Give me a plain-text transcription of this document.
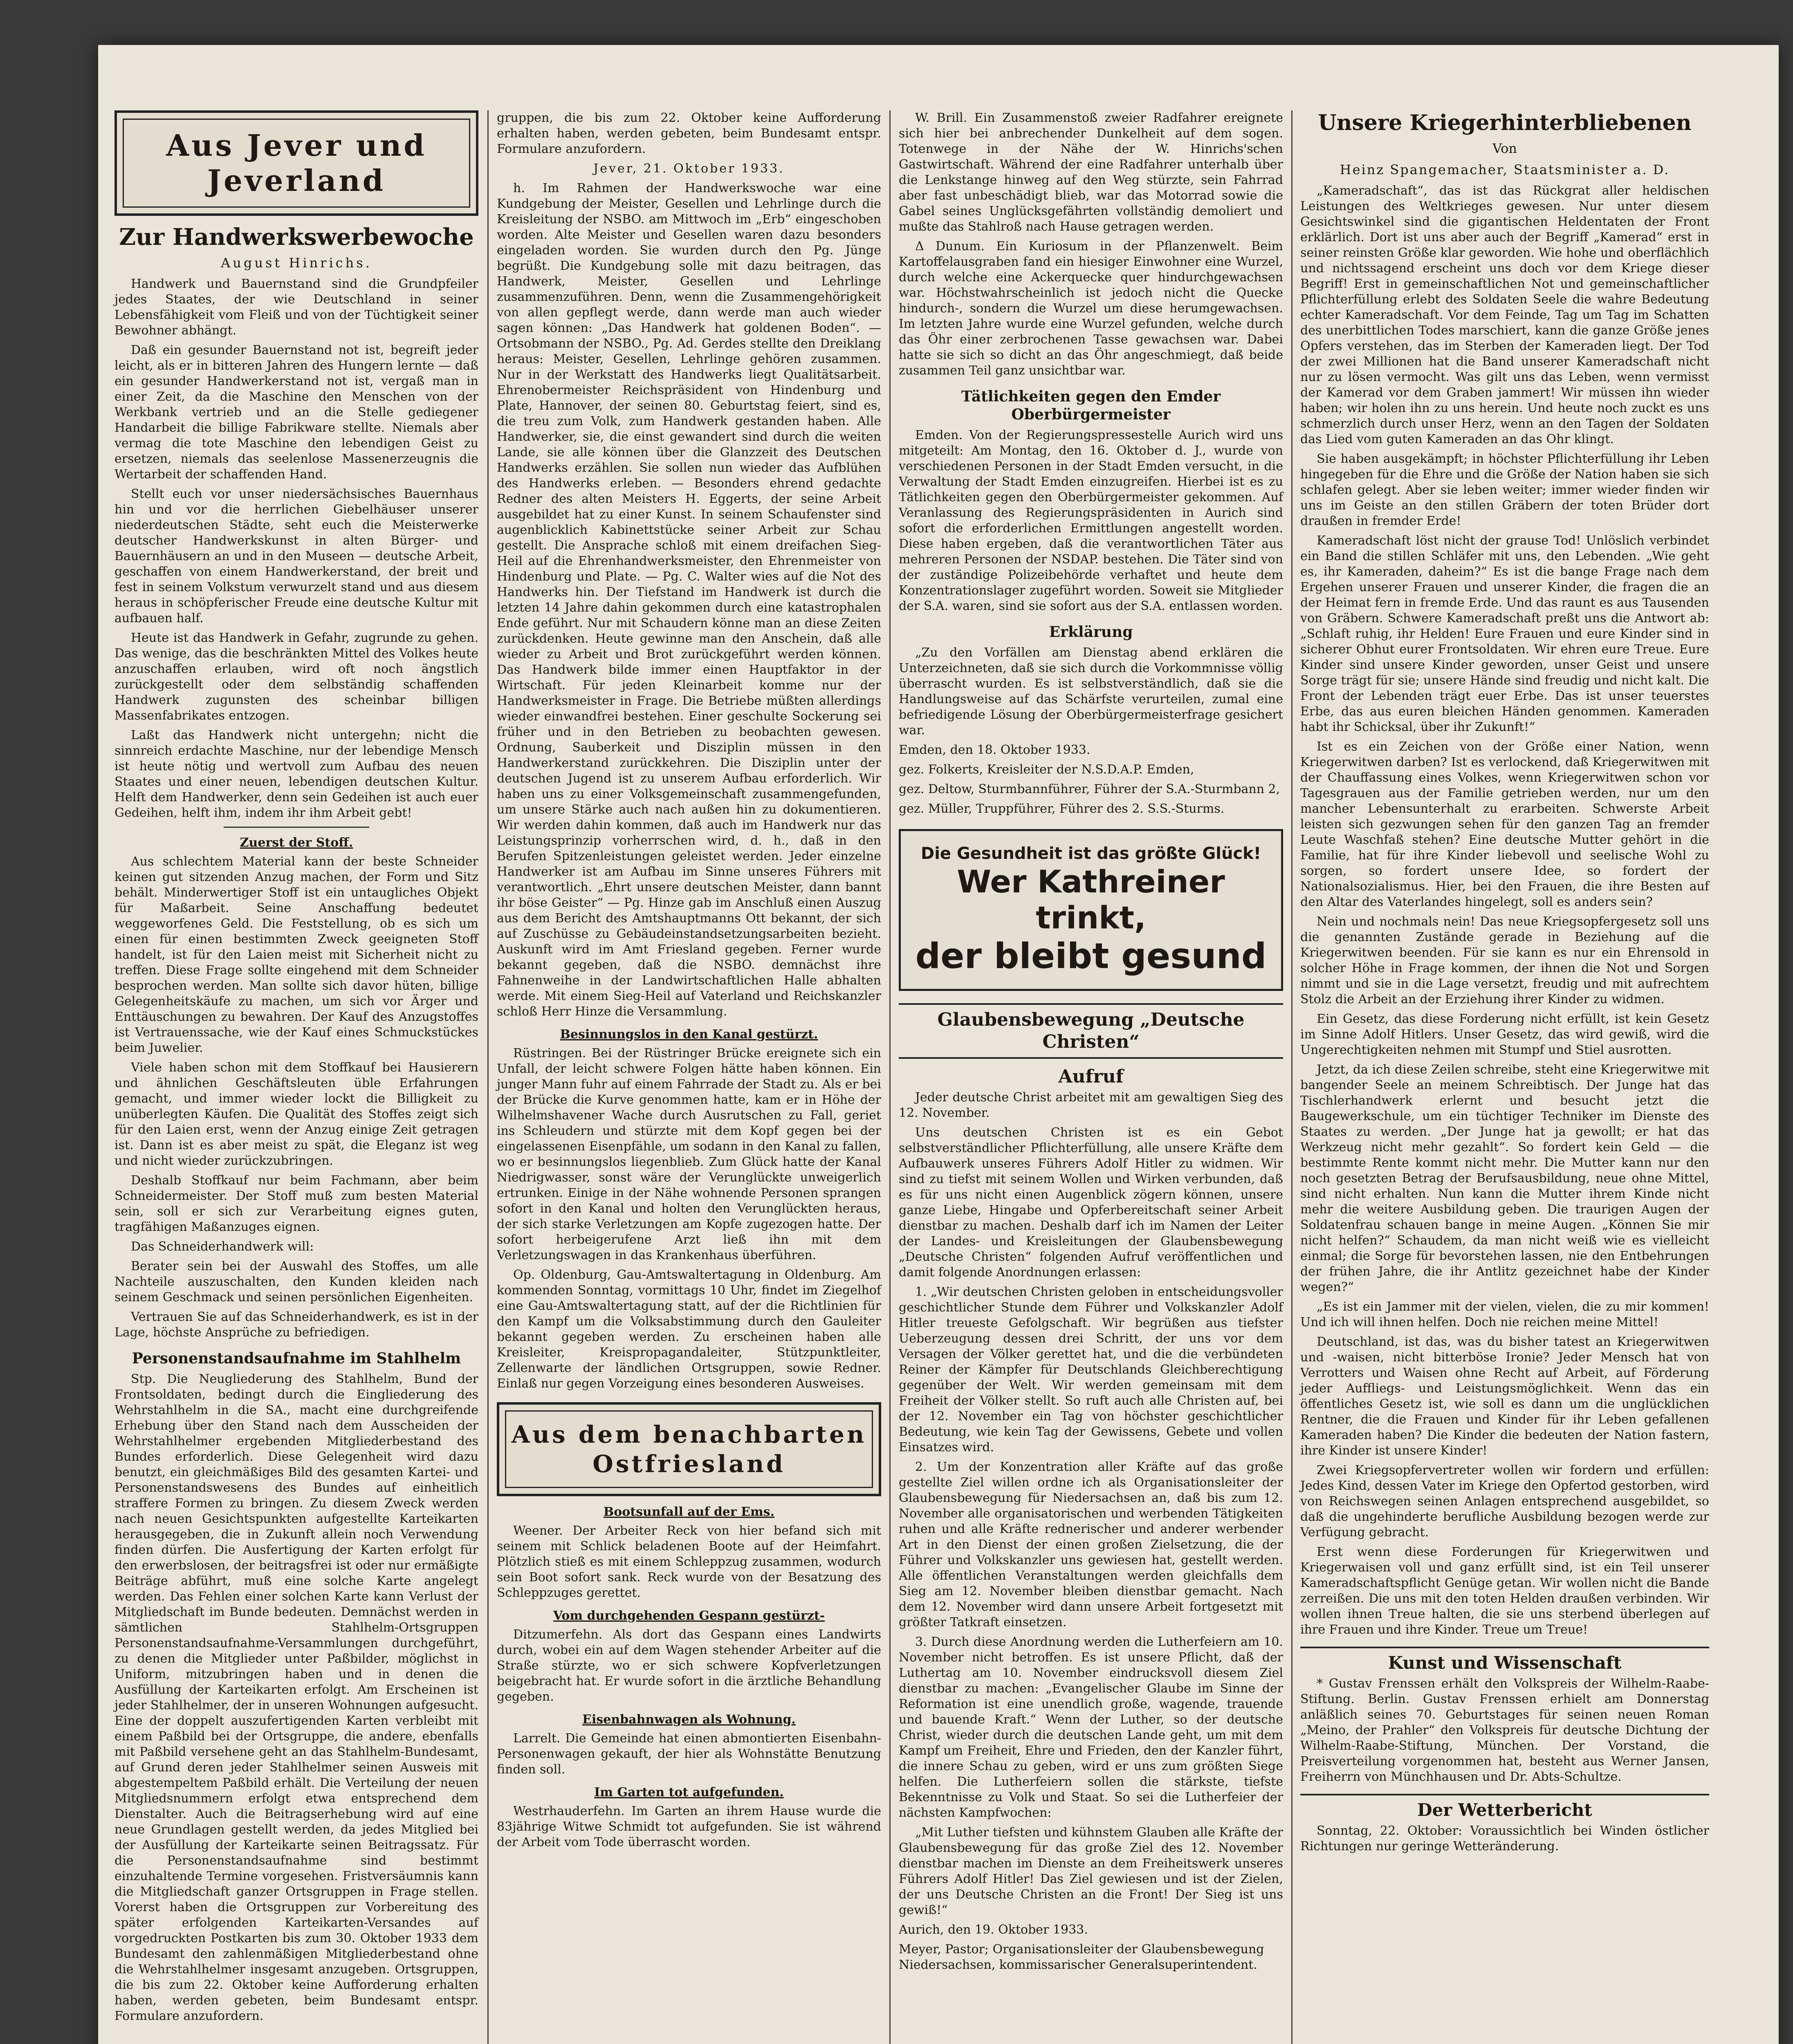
Aus Jever und Jeverland
Zur Handwerkswerbewoche
August Hinrichs.

Handwerk und Bauernstand sind die Grundpfeiler jedes Staates, der wie Deutschland in seiner Lebensfähigkeit vom Fleiß und von der Tüchtigkeit seiner Bewohner abhängt.

Daß ein gesunder Bauernstand not ist, begreift jeder leicht, als er in bitteren Jahren des Hungern lernte — daß ein gesunder Handwerkerstand not ist, vergaß man in einer Zeit, da die Maschine den Menschen von der Werkbank vertrieb und an die Stelle gediegener Handarbeit die billige Fabrikware stellte. Niemals aber vermag die tote Maschine den lebendigen Geist zu ersetzen, niemals das seelenlose Massenerzeugnis die Wertarbeit der schaffenden Hand.

Stellt euch vor unser niedersächsisches Bauernhaus hin und vor die herrlichen Giebelhäuser unserer niederdeutschen Städte, seht euch die Meisterwerke deutscher Handwerkskunst in alten Bürger- und Bauernhäusern an und in den Museen — deutsche Arbeit, geschaffen von einem Handwerkerstand, der breit und fest in seinem Volkstum verwurzelt stand und aus diesem heraus in schöpferischer Freude eine deutsche Kultur mit aufbauen half.

Heute ist das Handwerk in Gefahr, zugrunde zu gehen. Das wenige, das die beschränkten Mittel des Volkes heute anzuschaffen erlauben, wird oft noch ängstlich zurückgestellt oder dem selbständig schaffenden Handwerk zugunsten des scheinbar billigen Massenfabrikates entzogen.

Laßt das Handwerk nicht untergehn; nicht die sinnreich erdachte Maschine, nur der lebendige Mensch ist heute nötig und wertvoll zum Aufbau des neuen Staates und einer neuen, lebendigen deutschen Kultur. Helft dem Handwerker, denn sein Gedeihen ist auch euer Gedeihen, helft ihm, indem ihr ihm Arbeit gebt!

Zuerst der Stoff.

Aus schlechtem Material kann der beste Schneider keinen gut sitzenden Anzug machen, der Form und Sitz behält. Minderwertiger Stoff ist ein untaugliches Objekt für Maßarbeit. Seine Anschaffung bedeutet weggeworfenes Geld. Die Feststellung, ob es sich um einen für einen bestimmten Zweck geeigneten Stoff handelt, ist für den Laien meist mit Sicherheit nicht zu treffen. Diese Frage sollte eingehend mit dem Schneider besprochen werden. Man sollte sich davor hüten, billige Gelegenheitskäufe zu machen, um sich vor Ärger und Enttäuschungen zu bewahren. Der Kauf des Anzugstoffes ist Vertrauenssache, wie der Kauf eines Schmuckstückes beim Juwelier.

Viele haben schon mit dem Stoffkauf bei Hausierern und ähnlichen Geschäftsleuten üble Erfahrungen gemacht, und immer wieder lockt die Billigkeit zu unüberlegten Käufen. Die Qualität des Stoffes zeigt sich für den Laien erst, wenn der Anzug einige Zeit getragen ist. Dann ist es aber meist zu spät, die Eleganz ist weg und nicht wieder zurückzubringen.

Deshalb Stoffkauf nur beim Fachmann, aber beim Schneidermeister. Der Stoff muß zum besten Material sein, soll er sich zur Verarbeitung eignes guten, tragfähigen Maßanzuges eignen.

Das Schneiderhandwerk will:

Berater sein bei der Auswahl des Stoffes, um alle Nachteile auszuschalten, den Kunden kleiden nach seinem Geschmack und seinen persönlichen Eigenheiten.

Vertrauen Sie auf das Schneiderhandwerk, es ist in der Lage, höchste Ansprüche zu befriedigen.

Personenstandsaufnahme im Stahlhelm

Stp. Die Neugliederung des Stahlhelm, Bund der Frontsoldaten, bedingt durch die Eingliederung des Wehrstahlhelm in die SA., macht eine durchgreifende Erhebung über den Stand nach dem Ausscheiden der Wehrstahlhelmer ergebenden Mitgliederbestand des Bundes erforderlich. Diese Gelegenheit wird dazu benutzt, ein gleichmäßiges Bild des gesamten Kartei- und Personenstandswesens des Bundes auf einheitlich straffere Formen zu bringen. Zu diesem Zweck werden nach neuen Gesichtspunkten aufgestellte Karteikarten herausgegeben, die in Zukunft allein noch Verwendung finden dürfen. Die Ausfertigung der Karten erfolgt für den erwerbslosen, der beitragsfrei ist oder nur ermäßigte Beiträge abführt, muß eine solche Karte angelegt werden. Das Fehlen einer solchen Karte kann Verlust der Mitgliedschaft im Bunde bedeuten. Demnächst werden in sämtlichen Stahlhelm-Ortsgruppen Personenstandsaufnahme-Versammlungen durchgeführt, zu denen die Mitglieder unter Paßbilder, möglichst in Uniform, mitzubringen haben und in denen die Ausfüllung der Karteikarten erfolgt. Am Erscheinen ist jeder Stahlhelmer, der in unseren Wohnungen aufgesucht. Eine der doppelt auszufertigenden Karten verbleibt mit einem Paßbild bei der Ortsgruppe, die andere, ebenfalls mit Paßbild versehene geht an das Stahlhelm-Bundesamt, auf Grund deren jeder Stahlhelmer seinen Ausweis mit abgestempeltem Paßbild erhält. Die Verteilung der neuen Mitgliedsnummern erfolgt etwa entsprechend dem Dienstalter. Auch die Beitragserhebung wird auf eine neue Grundlagen gestellt werden, da jedes Mitglied bei der Ausfüllung der Karteikarte seinen Beitragssatz. Für die Personenstandsaufnahme sind bestimmt einzuhaltende Termine vorgesehen. Fristversäumnis kann die Mitgliedschaft ganzer Ortsgruppen in Frage stellen. Vorerst haben die Ortsgruppen zur Vorbereitung des später erfolgenden Karteikarten-Versandes auf vorgedruckten Postkarten bis zum 30. Oktober 1933 dem Bundesamt den zahlenmäßigen Mitgliederbestand ohne die Wehrstahlhelmer insgesamt anzugeben. Ortsgruppen, die bis zum 22. Oktober keine Aufforderung erhalten haben, werden gebeten, beim Bundesamt entspr. Formulare anzufordern.

gruppen, die bis zum 22. Oktober keine Aufforderung erhalten haben, werden gebeten, beim Bundesamt entspr. Formulare anzufordern.

Jever, 21. Oktober 1933.

h. Im Rahmen der Handwerkswoche war eine Kundgebung der Meister, Gesellen und Lehrlinge durch die Kreisleitung der NSBO. am Mittwoch im „Erb“ eingeschoben worden. Alte Meister und Gesellen waren dazu besonders eingeladen worden. Sie wurden durch den Pg. Jünge begrüßt. Die Kundgebung solle mit dazu beitragen, das Handwerk, Meister, Gesellen und Lehrlinge zusammenzuführen. Denn, wenn die Zusammengehörigkeit von allen gepflegt werde, dann werde man auch wieder sagen können: „Das Handwerk hat goldenen Boden“. — Ortsobmann der NSBO., Pg. Ad. Gerdes stellte den Dreiklang heraus: Meister, Gesellen, Lehrlinge gehören zusammen. Nur in der Werkstatt des Handwerks liegt Qualitätsarbeit. Ehrenobermeister Reichspräsident von Hindenburg und Plate, Hannover, der seinen 80. Geburtstag feiert, sind es, die treu zum Volk, zum Handwerk gestanden haben. Alle Handwerker, sie, die einst gewandert sind durch die weiten Lande, sie alle können über die Glanzzeit des Deutschen Handwerks erzählen. Sie sollen nun wieder das Aufblühen des Handwerks erleben. — Besonders ehrend gedachte Redner des alten Meisters H. Eggerts, der seine Arbeit ausgebildet hat zu einer Kunst. In seinem Schaufenster sind augenblicklich Kabinettstücke seiner Arbeit zur Schau gestellt. Die Ansprache schloß mit einem dreifachen Sieg-Heil auf die Ehrenhandwerksmeister, den Ehrenmeister von Hindenburg und Plate. — Pg. C. Walter wies auf die Not des Handwerks hin. Der Tiefstand im Handwerk ist durch die letzten 14 Jahre dahin gekommen durch eine katastrophalen Ende geführt. Nur mit Schaudern könne man an diese Zeiten zurückdenken. Heute gewinne man den Anschein, daß alle wieder zu Arbeit und Brot zurückgeführt werden können. Das Handwerk bilde immer einen Hauptfaktor in der Wirtschaft. Für jeden Kleinarbeit komme nur der Handwerksmeister in Frage. Die Betriebe müßten allerdings wieder einwandfrei bestehen. Einer geschulte Sockerung sei früher und in den Betrieben zu beobachten gewesen. Ordnung, Sauberkeit und Disziplin müssen in den Handwerkerstand zurückkehren. Die Disziplin unter der deutschen Jugend ist zu unserem Aufbau erforderlich. Wir haben uns zu einer Volksgemeinschaft zusammengefunden, um unsere Stärke auch nach außen hin zu dokumentieren. Wir werden dahin kommen, daß auch im Handwerk nur das Leistungsprinzip vorherrschen wird, d. h., daß in den Berufen Spitzenleistungen geleistet werden. Jeder einzelne Handwerker ist am Aufbau im Sinne unseres Führers mit verantwortlich. „Ehrt unsere deutschen Meister, dann bannt ihr böse Geister“ — Pg. Hinze gab im Anschluß einen Auszug aus dem Bericht des Amtshauptmanns Ott bekannt, der sich auf Zuschüsse zu Gebäudeinstandsetzungsarbeiten bezieht. Auskunft wird im Amt Friesland gegeben. Ferner wurde bekannt gegeben, daß die NSBO. demnächst ihre Fahnenweihe in der Landwirtschaftlichen Halle abhalten werde. Mit einem Sieg-Heil auf Vaterland und Reichskanzler schloß Herr Hinze die Versammlung.

Besinnungslos in den Kanal gestürzt.

Rüstringen. Bei der Rüstringer Brücke ereignete sich ein Unfall, der leicht schwere Folgen hätte haben können. Ein junger Mann fuhr auf einem Fahrrade der Stadt zu. Als er bei der Brücke die Kurve genommen hatte, kam er in Höhe der Wilhelmshavener Wache durch Ausrutschen zu Fall, geriet ins Schleudern und stürzte mit dem Kopf gegen bei der eingelassenen Eisenpfähle, um sodann in den Kanal zu fallen, wo er besinnungslos liegenblieb. Zum Glück hatte der Kanal Niedrigwasser, sonst wäre der Verunglückte unweigerlich ertrunken. Einige in der Nähe wohnende Personen sprangen sofort in den Kanal und holten den Verunglückten heraus, der sich starke Verletzungen am Kopfe zugezogen hatte. Der sofort herbeigerufene Arzt ließ ihn mit dem Verletzungswagen in das Krankenhaus überführen.

Op. Oldenburg, Gau-Amtswaltertagung in Oldenburg. Am kommenden Sonntag, vormittags 10 Uhr, findet im Ziegelhof eine Gau-Amtswaltertagung statt, auf der die Richtlinien für den Kampf um die Volksabstimmung durch den Gauleiter bekannt gegeben werden. Zu erscheinen haben alle Kreisleiter, Kreispropagandaleiter, Stützpunktleiter, Zellenwarte der ländlichen Ortsgruppen, sowie Redner. Einlaß nur gegen Vorzeigung eines besonderen Ausweises.

Aus dem benachbarten Ostfriesland
Bootsunfall auf der Ems.

Weener. Der Arbeiter Reck von hier befand sich mit seinem mit Schlick beladenen Boote auf der Heimfahrt. Plötzlich stieß es mit einem Schleppzug zusammen, wodurch sein Boot sofort sank. Reck wurde von der Besatzung des Schleppzuges gerettet.

Vom durchgehenden Gespann gestürzt-

Ditzumerfehn. Als dort das Gespann eines Landwirts durch, wobei ein auf dem Wagen stehender Arbeiter auf die Straße stürzte, wo er sich schwere Kopfverletzungen beigebracht hat. Er wurde sofort in die ärztliche Behandlung gegeben.

Eisenbahnwagen als Wohnung.

Larrelt. Die Gemeinde hat einen abmontierten Eisenbahn-Personenwagen gekauft, der hier als Wohnstätte Benutzung finden soll.

Im Garten tot aufgefunden.

Westrhauderfehn. Im Garten an ihrem Hause wurde die 83jährige Witwe Schmidt tot aufgefunden. Sie ist während der Arbeit vom Tode überrascht worden.

W. Brill. Ein Zusammenstoß zweier Radfahrer ereignete sich hier bei anbrechender Dunkelheit auf dem sogen. Totenwege in der Nähe der W. Hinrichs'schen Gastwirtschaft. Während der eine Radfahrer unterhalb über die Lenkstange hinweg auf den Weg stürzte, sein Fahrrad aber fast unbeschädigt blieb, war das Motorrad sowie die Gabel seines Unglücksgefährten vollständig demoliert und mußte das Stahlroß nach Hause getragen werden.

Δ Dunum. Ein Kuriosum in der Pflanzenwelt. Beim Kartoffelausgraben fand ein hiesiger Einwohner eine Wurzel, durch welche eine Ackerquecke quer hindurchgewachsen war. Höchstwahrscheinlich ist jedoch nicht die Quecke hindurch-, sondern die Wurzel um diese herumgewachsen. Im letzten Jahre wurde eine Wurzel gefunden, welche durch das Öhr einer zerbrochenen Tasse gewachsen war. Dabei hatte sie sich so dicht an das Öhr angeschmiegt, daß beide zusammen Teil ganz unsichtbar war.

Tätlichkeiten gegen den Emder Oberbürgermeister

Emden. Von der Regierungspressestelle Aurich wird uns mitgeteilt: Am Montag, den 16. Oktober d. J., wurde von verschiedenen Personen in der Stadt Emden versucht, in die Verwaltung der Stadt Emden einzugreifen. Hierbei ist es zu Tätlichkeiten gegen den Oberbürgermeister gekommen. Auf Veranlassung des Regierungspräsidenten in Aurich sind sofort die erforderlichen Ermittlungen angestellt worden. Diese haben ergeben, daß die verantwortlichen Täter aus mehreren Personen der NSDAP. bestehen. Die Täter sind von der zuständige Polizeibehörde verhaftet und heute dem Konzentrationslager zugeführt worden. Soweit sie Mitglieder der S.A. waren, sind sie sofort aus der S.A. entlassen worden.

Erklärung

„Zu den Vorfällen am Dienstag abend erklären die Unterzeichneten, daß sie sich durch die Vorkommnisse völlig überrascht wurden. Es ist selbstverständlich, daß sie die Handlungsweise auf das Schärfste verurteilen, zumal eine befriedigende Lösung der Oberbürgermeisterfrage gesichert war.

Emden, den 18. Oktober 1933.

gez. Folkerts, Kreisleiter der N.S.D.A.P. Emden,

gez. Deltow, Sturmbannführer, Führer der S.A.-Sturmbann 2,

gez. Müller, Truppführer, Führer des 2. S.S.-Sturms.

Die Gesundheit ist das größte Glück!
Wer Kathreiner trinkt,
der bleibt gesund
Glaubensbewegung „Deutsche Christen“
Aufruf

Jeder deutsche Christ arbeitet mit am gewaltigen Sieg des 12. November.

Uns deutschen Christen ist es ein Gebot selbstverständlicher Pflichterfüllung, alle unsere Kräfte dem Aufbauwerk unseres Führers Adolf Hitler zu widmen. Wir sind zu tiefst mit seinem Wollen und Wirken verbunden, daß es für uns nicht einen Augenblick zögern können, unsere ganze Liebe, Hingabe und Opferbereitschaft seiner Arbeit dienstbar zu machen. Deshalb darf ich im Namen der Leiter der Landes- und Kreisleitungen der Glaubensbewegung „Deutsche Christen“ folgenden Aufruf veröffentlichen und damit folgende Anordnungen erlassen:

1. „Wir deutschen Christen geloben in entscheidungsvoller geschichtlicher Stunde dem Führer und Volkskanzler Adolf Hitler treueste Gefolgschaft. Wir begrüßen aus tiefster Ueberzeugung dessen drei Schritt, der uns vor dem Versagen der Völker gerettet hat, und die die verbündeten Reiner der Kämpfer für Deutschlands Gleichberechtigung gegenüber der Welt. Wir werden gemeinsam mit dem Freiheit der Völker stellt. So ruft auch alle Christen auf, bei der 12. November ein Tag von höchster geschichtlicher Bedeutung, wie kein Tag der Gewissens, Gebete und vollen Einsatzes wird.

2. Um der Konzentration aller Kräfte auf das große gestellte Ziel willen ordne ich als Organisationsleiter der Glaubensbewegung für Niedersachsen an, daß bis zum 12. November alle organisatorischen und werbenden Tätigkeiten ruhen und alle Kräfte rednerischer und anderer werbender Art in den Dienst der einen großen Zielsetzung, die der Führer und Volkskanzler uns gewiesen hat, gestellt werden. Alle öffentlichen Veranstaltungen werden gleichfalls dem Sieg am 12. November bleiben dienstbar gemacht. Nach dem 12. November wird dann unsere Arbeit fortgesetzt mit größter Tatkraft einsetzen.

3. Durch diese Anordnung werden die Lutherfeiern am 10. November nicht betroffen. Es ist unsere Pflicht, daß der Luthertag am 10. November eindrucksvoll diesem Ziel dienstbar zu machen: „Evangelischer Glaube im Sinne der Reformation ist eine unendlich große, wagende, trauende und bauende Kraft.“ Wenn der Luther, so der deutsche Christ, wieder durch die deutschen Lande geht, um mit dem Kampf um Freiheit, Ehre und Frieden, den der Kanzler führt, die innere Schau zu geben, wird er uns zum größten Siege helfen. Die Lutherfeiern sollen die stärkste, tiefste Bekenntnisse zu Volk und Staat. So sei die Lutherfeier der nächsten Kampfwochen:

„Mit Luther tiefsten und kühnstem Glauben alle Kräfte der Glaubensbewegung für das große Ziel des 12. November dienstbar machen im Dienste an dem Freiheitswerk unseres Führers Adolf Hitler! Das Ziel gewiesen und ist der Zielen, der uns Deutsche Christen an die Front! Der Sieg ist uns gewiß!“

Aurich, den 19. Oktober 1933.

Meyer, Pastor; Organisationsleiter der Glaubensbewegung Niedersachsen, kommissarischer Generalsuperintendent.

Unsere Kriegerhinterbliebenen
Von
Heinz Spangemacher, Staatsminister a. D.

„Kameradschaft“, das ist das Rückgrat aller heldischen Leistungen des Weltkrieges gewesen. Nur unter diesem Gesichtswinkel sind die gigantischen Heldentaten der Front erklärlich. Dort ist uns aber auch der Begriff „Kamerad“ erst in seiner reinsten Größe klar geworden. Wie hohe und oberflächlich und nichtssagend erscheint uns doch vor dem Kriege dieser Begriff! Erst in gemeinschaftlichen Not und gemeinschaftlicher Pflichterfüllung erlebt des Soldaten Seele die wahre Bedeutung echter Kameradschaft. Vor dem Feinde, Tag um Tag im Schatten des unerbittlichen Todes marschiert, kann die ganze Größe jenes Opfers verstehen, das im Sterben der Kameraden liegt. Der Tod der zwei Millionen hat die Band unserer Kameradschaft nicht nur zu lösen vermocht. Was gilt uns das Leben, wenn vermisst der Kamerad vor dem Graben jammert! Wir müssen ihn wieder haben; wir holen ihn zu uns herein. Und heute noch zuckt es uns schmerzlich durch unser Herz, wenn an den Tagen der Soldaten das Lied vom guten Kameraden an das Ohr klingt.

Sie haben ausgekämpft; in höchster Pflichterfüllung ihr Leben hingegeben für die Ehre und die Größe der Nation haben sie sich schlafen gelegt. Aber sie leben weiter; immer wieder finden wir uns im Geiste an den stillen Gräbern der toten Brüder dort draußen in fremder Erde!

Kameradschaft löst nicht der grause Tod! Unlöslich verbindet ein Band die stillen Schläfer mit uns, den Lebenden. „Wie geht es, ihr Kameraden, daheim?“ Es ist die bange Frage nach dem Ergehen unserer Frauen und unserer Kinder, die fragen die an der Heimat fern in fremde Erde. Und das raunt es aus Tausenden von Gräbern. Schwere Kameradschaft preßt uns die Antwort ab: „Schlaft ruhig, ihr Helden! Eure Frauen und eure Kinder sind in sicherer Obhut eurer Frontsoldaten. Wir ehren eure Treue. Eure Kinder sind unsere Kinder geworden, unser Geist und unsere Sorge trägt für sie; unsere Hände sind freudig und nicht kalt. Die Front der Lebenden trägt euer Erbe. Das ist unser teuerstes Erbe, das aus euren bleichen Händen genommen. Kameraden habt ihr Schicksal, über ihr Zukunft!“

Ist es ein Zeichen von der Größe einer Nation, wenn Kriegerwitwen darben? Ist es verlockend, daß Kriegerwitwen mit der Chauffassung eines Volkes, wenn Kriegerwitwen schon vor Tagesgrauen aus der Familie getrieben werden, nur um den mancher Lebensunterhalt zu erarbeiten. Schwerste Arbeit leisten sich gezwungen sehen für den ganzen Tag an fremder Leute Waschfaß stehen? Eine deutsche Mutter gehört in die Familie, hat für ihre Kinder liebevoll und seelische Wohl zu sorgen, so fordert unsere Idee, so fordert der Nationalsozialismus. Hier, bei den Frauen, die ihre Besten auf den Altar des Vaterlandes hingelegt, soll es anders sein?

Nein und nochmals nein! Das neue Kriegsopfergesetz soll uns die genannten Zustände gerade in Beziehung auf die Kriegerwitwen beenden. Für sie kann es nur ein Ehrensold in solcher Höhe in Frage kommen, der ihnen die Not und Sorgen nimmt und sie in die Lage versetzt, freudig und mit aufrechtem Stolz die Arbeit an der Erziehung ihrer Kinder zu widmen.

Ein Gesetz, das diese Forderung nicht erfüllt, ist kein Gesetz im Sinne Adolf Hitlers. Unser Gesetz, das wird gewiß, wird die Ungerechtigkeiten nehmen mit Stumpf und Stiel ausrotten.

Jetzt, da ich diese Zeilen schreibe, steht eine Kriegerwitwe mit bangender Seele an meinem Schreibtisch. Der Junge hat das Tischlerhandwerk erlernt und besucht jetzt die Baugewerkschule, um ein tüchtiger Techniker im Dienste des Staates zu werden. „Der Junge hat ja gewollt; er hat das Werkzeug nicht mehr gezahlt“. So fordert kein Geld — die bestimmte Rente kommt nicht mehr. Die Mutter kann nur den noch gesetzten Betrag der Berufsausbildung, neue ohne Mittel, sind nicht erhalten. Nun kann die Mutter ihrem Kinde nicht mehr die weitere Ausbildung geben. Die traurigen Augen der Soldatenfrau schauen bange in meine Augen. „Können Sie mir nicht helfen?“ Schaudem, da man nicht weiß wie es vielleicht einmal; die Sorge für bevorstehen lassen, nie den Entbehrungen der frühen Jahre, die ihr Antlitz gezeichnet habe der Kinder wegen?“

„Es ist ein Jammer mit der vielen, vielen, die zu mir kommen! Und ich will ihnen helfen. Doch nie reichen meine Mittel!

Deutschland, ist das, was du bisher tatest an Kriegerwitwen und -waisen, nicht bitterböse Ironie? Jeder Mensch hat von Verrotters und Waisen ohne Recht auf Arbeit, auf Förderung jeder Auffliegs- und Leistungsmöglichkeit. Wenn das ein öffentliches Gesetz ist, wie soll es dann um die unglücklichen Rentner, die die Frauen und Kinder für ihr Leben gefallenen Kameraden haben? Die Kinder die bedeuten der Nation fastern, ihre Kinder ist unsere Kinder!

Zwei Kriegsopfervertreter wollen wir fordern und erfüllen: Jedes Kind, dessen Vater im Kriege den Opfertod gestorben, wird von Reichswegen seinen Anlagen entsprechend ausgebildet, so daß die ungehinderte berufliche Ausbildung bezogen werde zur Verfügung gebracht.

Erst wenn diese Forderungen für Kriegerwitwen und Kriegerwaisen voll und ganz erfüllt sind, ist ein Teil unserer Kameradschaftspflicht Genüge getan. Wir wollen nicht die Bande zerreißen. Die uns mit den toten Helden draußen verbinden. Wir wollen ihnen Treue halten, die sie uns sterbend überlegen auf ihre Frauen und ihre Kinder. Treue um Treue!

Kunst und Wissenschaft

* Gustav Frenssen erhält den Volkspreis der Wilhelm-Raabe-Stiftung. Berlin. Gustav Frenssen erhielt am Donnerstag anläßlich seines 70. Geburtstages für seinen neuen Roman „Meino, der Prahler“ den Volkspreis für deutsche Dichtung der Wilhelm-Raabe-Stiftung, München. Der Vorstand, die Preisverteilung vorgenommen hat, besteht aus Werner Jansen, Freiherrn von Münchhausen und Dr. Abts-Schultze.

Der Wetterbericht

Sonntag, 22. Oktober: Voraussichtlich bei Winden östlicher Richtungen nur geringe Wetteränderung.
